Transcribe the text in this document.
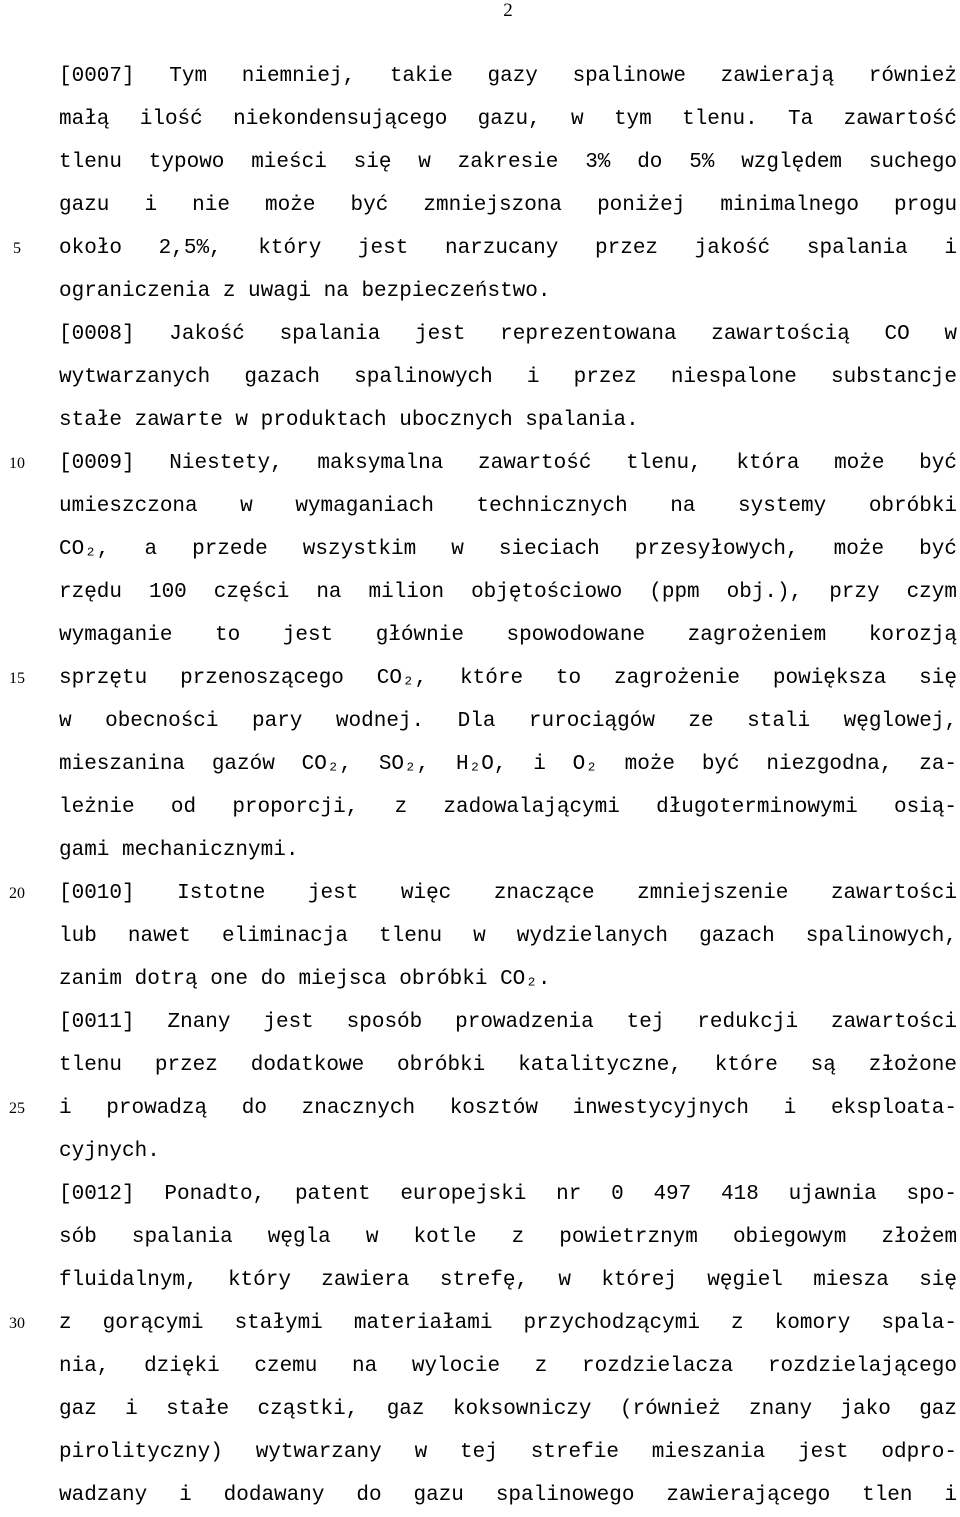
2
5
10
15
20
25
30
[0007] Tym niemniej, takie gazy spalinowe zawierają również
małą ilość niekondensującego gazu, w tym tlenu. Ta zawartość
tlenu typowo mieści się w zakresie 3% do 5% względem suchego
gazu i nie może być zmniejszona poniżej minimalnego progu
około 2,5%, który jest narzucany przez jakość spalania i
ograniczenia z uwagi na bezpieczeństwo.
[0008] Jakość spalania jest reprezentowana zawartością CO w
wytwarzanych gazach spalinowych i przez niespalone substancje
stałe zawarte w produktach ubocznych spalania.
[0009] Niestety, maksymalna zawartość tlenu, która może być
umieszczona w wymaganiach technicznych na systemy obróbki
CO₂, a przede wszystkim w sieciach przesyłowych, może być
rzędu 100 części na milion objętościowo (ppm obj.), przy czym
wymaganie to jest głównie spowodowane zagrożeniem korozją
sprzętu przenoszącego CO₂, które to zagrożenie powiększa się
w obecności pary wodnej. Dla rurociągów ze stali węglowej,
mieszanina gazów CO₂, SO₂, H₂O, i O₂ może być niezgodna, za-
leżnie od proporcji, z zadowalającymi długoterminowymi osią-
gami mechanicznymi.
[0010] Istotne jest więc znaczące zmniejszenie zawartości
lub nawet eliminacja tlenu w wydzielanych gazach spalinowych,
zanim dotrą one do miejsca obróbki CO₂.
[0011] Znany jest sposób prowadzenia tej redukcji zawartości
tlenu przez dodatkowe obróbki katalityczne, które są złożone
i prowadzą do znacznych kosztów inwestycyjnych i eksploata-
cyjnych.
[0012] Ponadto, patent europejski nr 0 497 418 ujawnia spo-
sób spalania węgla w kotle z powietrznym obiegowym złożem
fluidalnym, który zawiera strefę, w której węgiel miesza się
z gorącymi stałymi materiałami przychodzącymi z komory spala-
nia, dzięki czemu na wylocie z rozdzielacza rozdzielającego
gaz i stałe cząstki, gaz koksowniczy (również znany jako gaz
pirolityczny) wytwarzany w tej strefie mieszania jest odpro-
wadzany i dodawany do gazu spalinowego zawierającego tlen i
